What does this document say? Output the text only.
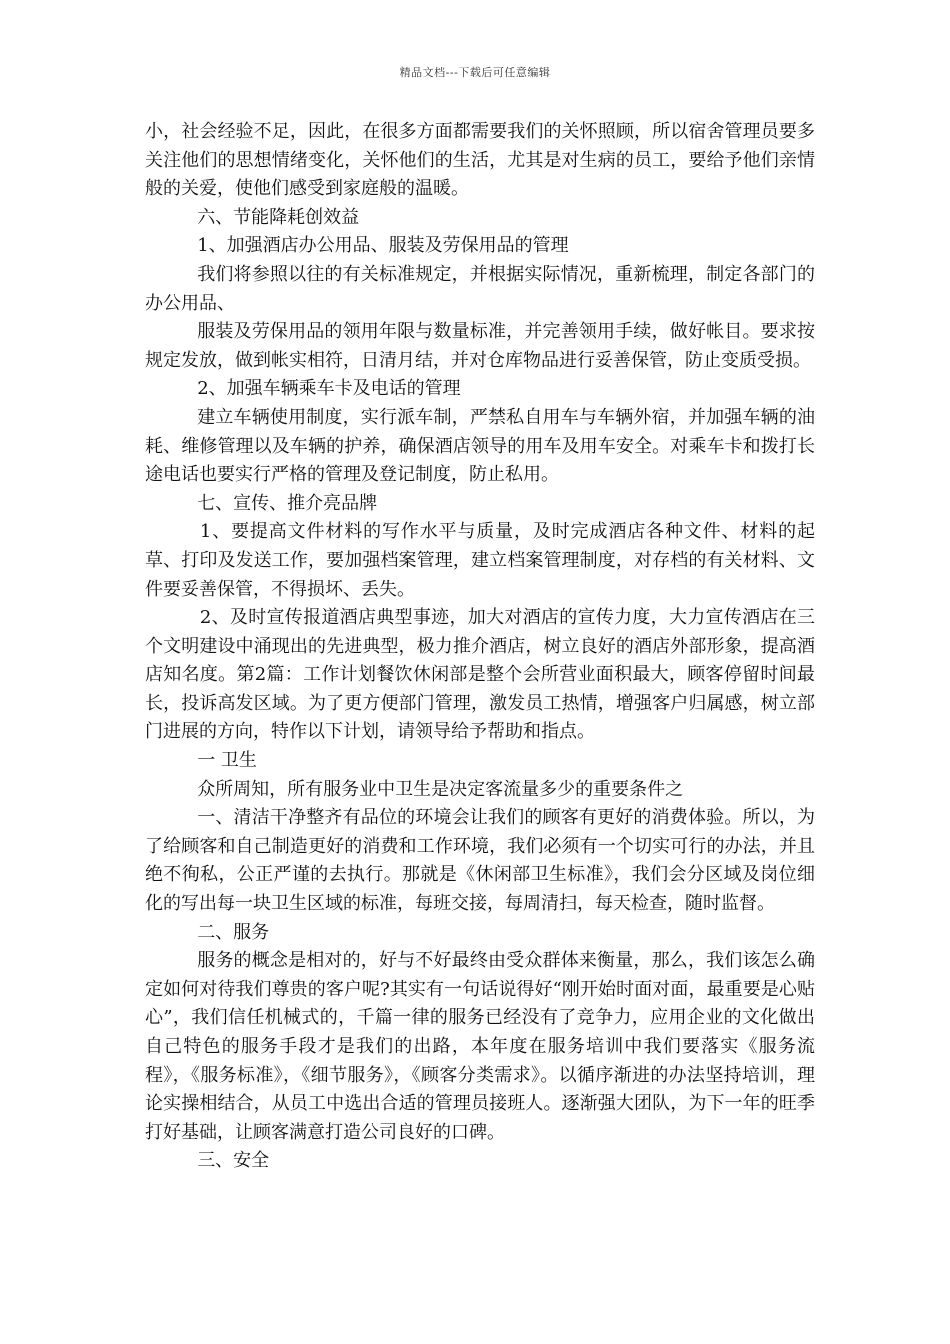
精品文档---下载后可任意编辑

小，社会经验不足，因此，在很多方面都需要我们的关怀照顾，所以宿舍管理员要多关注他们的思想情绪变化，关怀他们的生活，尤其是对生病的员工，要给予他们亲情般的关爱，使他们感受到家庭般的温暖。

六、节能降耗创效益

1、加强酒店办公用品、服装及劳保用品的管理

我们将参照以往的有关标准规定，并根据实际情况，重新梳理，制定各部门的办公用品、

服装及劳保用品的领用年限与数量标准，并完善领用手续，做好帐目。要求按规定发放，做到帐实相符，日清月结，并对仓库物品进行妥善保管，防止变质受损。

2、加强车辆乘车卡及电话的管理

建立车辆使用制度，实行派车制，严禁私自用车与车辆外宿，并加强车辆的油耗、维修管理以及车辆的护养，确保酒店领导的用车及用车安全。对乘车卡和拨打长途电话也要实行严格的管理及登记制度，防止私用。

七、宣传、推介亮品牌

1、要提高文件材料的写作水平与质量，及时完成酒店各种文件、材料的起草、打印及发送工作，要加强档案管理，建立档案管理制度，对存档的有关材料、文件要妥善保管，不得损坏、丢失。

2、及时宣传报道酒店典型事迹，加大对酒店的宣传力度，大力宣传酒店在三个文明建设中涌现出的先进典型，极力推介酒店，树立良好的酒店外部形象，提高酒店知名度。第2篇：工作计划餐饮休闲部是整个会所营业面积最大，顾客停留时间最长，投诉高发区域。为了更方便部门管理，激发员工热情，增强客户归属感，树立部门进展的方向，特作以下计划，请领导给予帮助和指点。

一 卫生

众所周知，所有服务业中卫生是决定客流量多少的重要条件之

一、清洁干净整齐有品位的环境会让我们的顾客有更好的消费体验。所以，为了给顾客和自己制造更好的消费和工作环境，我们必须有一个切实可行的办法，并且绝不徇私，公正严谨的去执行。那就是《休闲部卫生标准》，我们会分区域及岗位细化的写出每一块卫生区域的标准，每班交接，每周清扫，每天检查，随时监督。

二、服务

服务的概念是相对的，好与不好最终由受众群体来衡量，那么，我们该怎么确定如何对待我们尊贵的客户呢?其实有一句话说得好“刚开始时面对面，最重要是心贴心”，我们信任机械式的，千篇一律的服务已经没有了竞争力，应用企业的文化做出自己特色的服务手段才是我们的出路，本年度在服务培训中我们要落实《服务流程》，《服务标准》，《细节服务》，《顾客分类需求》。以循序渐进的办法坚持培训，理论实操相结合，从员工中选出合适的管理员接班人。逐渐强大团队，为下一年的旺季打好基础，让顾客满意打造公司良好的口碑。

三、安全
